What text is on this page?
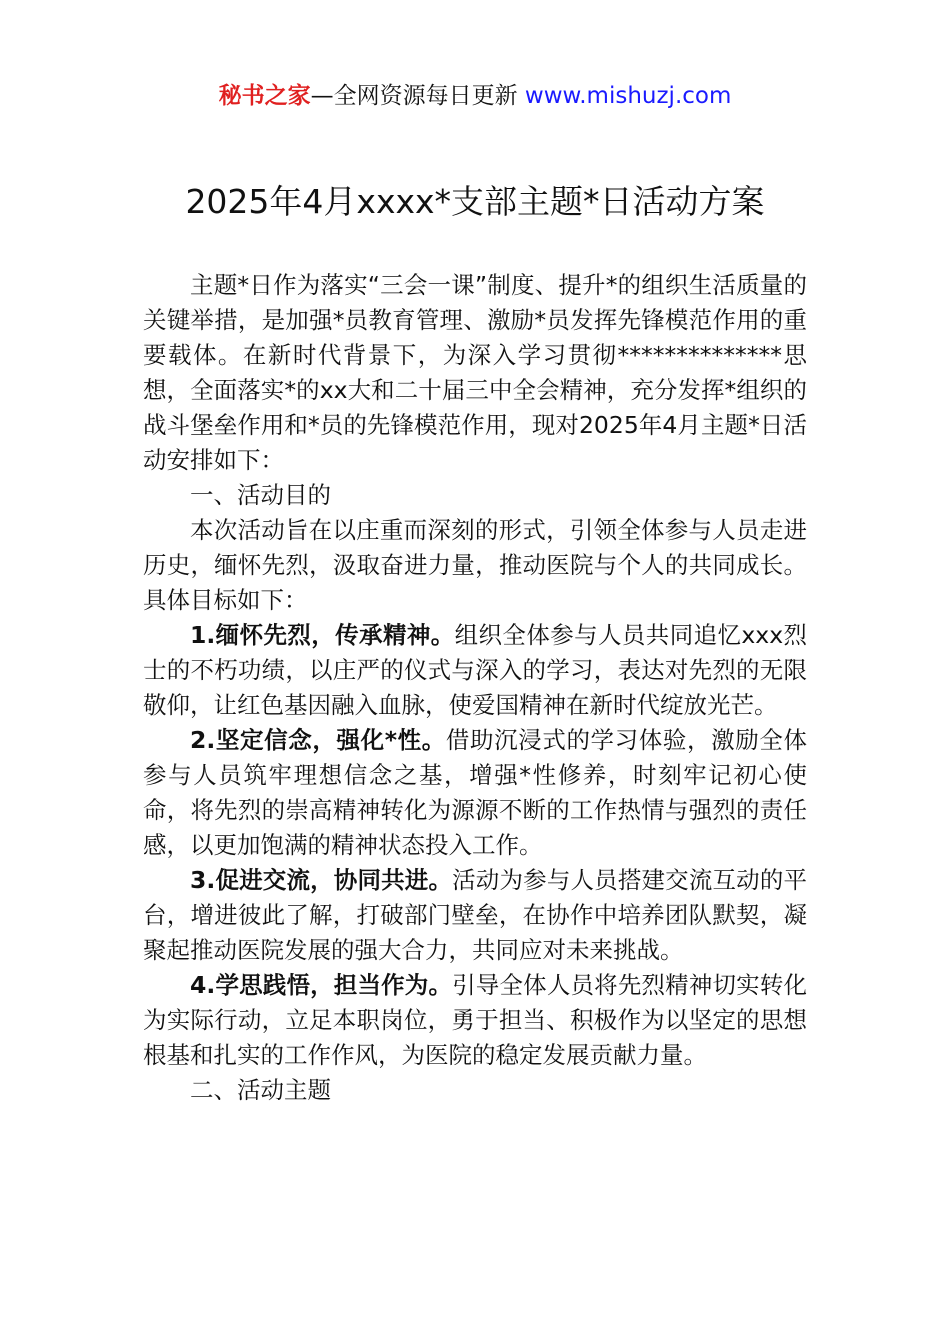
秘书之家—全网资源每日更新 www.mishuzj.com
2025年4月xxxx*支部主题*日活动方案

主题*日作为落实“三会一课”制度、提升*的组织生活质量的关键举措，是加强*员教育管理、激励*员发挥先锋模范作用的重要载体。在新时代背景下，为深入学习贯彻**************思想，全面落实*的xx大和二十届三中全会精神，充分发挥*组织的战斗堡垒作用和*员的先锋模范作用，现对2025年4月主题*日活动安排如下：

一、活动目的

本次活动旨在以庄重而深刻的形式，引领全体参与人员走进历史，缅怀先烈，汲取奋进力量，推动医院与个人的共同成长。具体目标如下：

1.缅怀先烈，传承精神。组织全体参与人员共同追忆xxx烈士的不朽功绩，以庄严的仪式与深入的学习，表达对先烈的无限敬仰，让红色基因融入血脉，使爱国精神在新时代绽放光芒。

2.坚定信念，强化*性。借助沉浸式的学习体验，激励全体参与人员筑牢理想信念之基，增强*性修养，时刻牢记初心使命，将先烈的崇高精神转化为源源不断的工作热情与强烈的责任感，以更加饱满的精神状态投入工作。

3.促进交流，协同共进。活动为参与人员搭建交流互动的平台，增进彼此了解，打破部门壁垒，在协作中培养团队默契，凝聚起推动医院发展的强大合力，共同应对未来挑战。

4.学思践悟，担当作为。引导全体人员将先烈精神切实转化为实际行动，立足本职岗位，勇于担当、积极作为以坚定的思想根基和扎实的工作作风，为医院的稳定发展贡献力量。

二、活动主题
